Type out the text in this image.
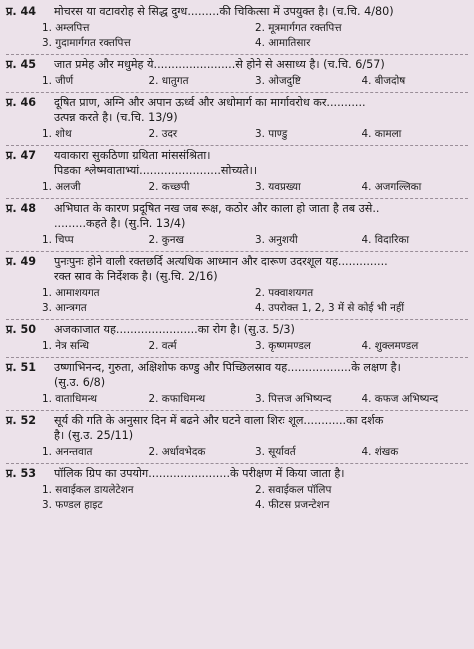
प्र. 44	मोचरस या वटावरोह से सिद्ध दुग्ध.........की चिकित्सा में उपयुक्त है। (च.चि. 4/80)
1. अम्लपित्त	2. मूत्रमार्गगत रक्तपित्त
3. गुदामार्गगत रक्तपित्त	4. आमातिसार
प्र. 45	जात प्रमेह और मधुमेह ये.......................से होने से असाध्य है। (च.चि. 6/57)
1. जीर्ण	2. धातुगत	3. ओजदुष्टि	4. बीजदोष
प्र. 46	दूषित प्राण, अग्नि और अपान ऊर्ध्व और अधोमार्ग का मार्गावरोध कर...........
उत्पन्न करते है। (च.चि. 13/9)
1. शोथ	2. उदर	3. पाण्डु	4. कामला
प्र. 47	यवाकारा सुकठिणा ग्रथिता मांससंश्रिता।
पिडका श्लेष्मवाताभ्यां.......................सोच्यते।।
1. अलजी	2. कच्छपी	3. यवप्रख्या	4. अजगल्लिका
प्र. 48	अभिघात के कारण प्रदूषित नख जब रूक्ष, कठोर और काला हो जाता है तब उसे..
.........कहते है। (सु.नि. 13/4)
1. चिप्प	2. कुनख	3. अनुशयी	4. विदारिका
प्र. 49	पुनःपुनः होने वाली रक्तछर्दि अत्यधिक आध्मान और दारूण उदरशूल यह..............
रक्त स्राव के निर्देशक है। (सु.चि. 2/16)
1. आमाशयगत	2. पक्वाशयगत
3. आन्त्रगत	4. उपरोक्त 1, 2, 3 में से कोई भी नहीं
प्र. 50	अजकाजात यह.......................का रोग है। (सु.उ. 5/3)
1. नेत्र सन्धि	2. वर्त्म	3. कृष्णमण्डल	4. शुक्लमण्डल
प्र. 51	उष्णाभिनन्द, गुरुता, अक्षिशोफ कण्डु और पिच्छिलस्राव यह..................के लक्षण है।
(सु.उ. 6/8)
1. वाताधिमन्थ	2. कफाधिमन्थ	3. पित्तज अभिष्यन्द	4. कफज अभिष्यन्द
प्र. 52	सूर्य की गति के अनुसार दिन में बढने और घटने वाला शिरः शूल............का दर्शक
है। (सु.उ. 25/11)
1. अनन्तवात	2. अर्धावभेदक	3. सूर्यावर्त	4. शंखक
प्र. 53	पॉलिक ग्रिप का उपयोग.......................के परीक्षण में किया जाता है।
1. सवाईकल डायलेटेशन	2. सवाईकल पॉलिप
3. फण्डल हाइट	4. फीटस प्रजन्टेशन
